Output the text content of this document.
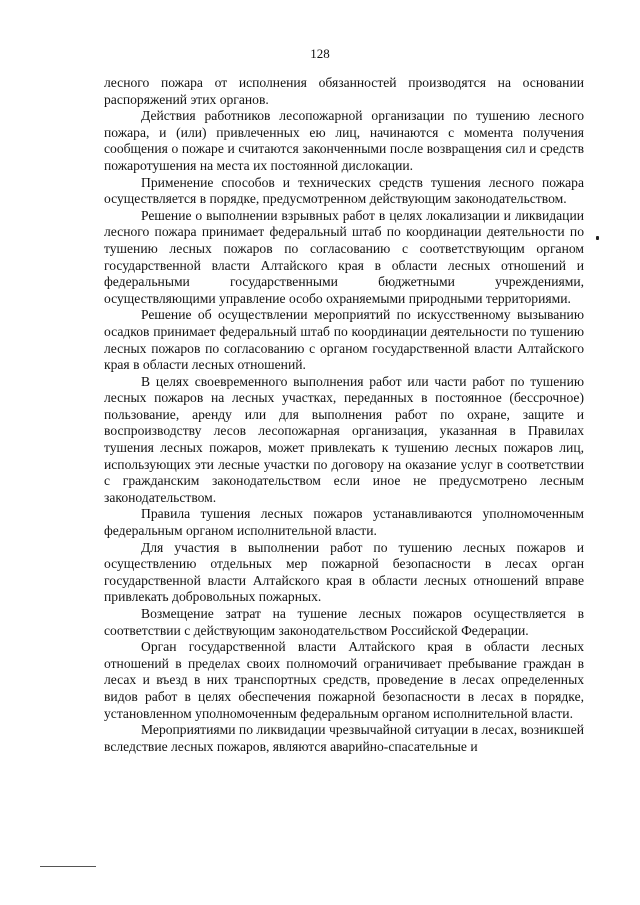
128

лесного пожара от исполнения обязанностей производятся на основании распоряжений этих органов.

Действия работников лесопожарной организации по тушению лесного пожара, и (или) привлеченных ею лиц, начинаются с момента получения сообщения о пожаре и считаются законченными после возвращения сил и средств пожаротушения на места их постоянной дислокации.

Применение способов и технических средств тушения лесного пожара осуществляется в порядке, предусмотренном действующим законодательством.

Решение о выполнении взрывных работ в целях локализации и ликвидации лесного пожара принимает федеральный штаб по координации деятельности по тушению лесных пожаров по согласованию с соответствующим органом государственной власти Алтайского края в области лесных отношений и федеральными государственными бюджетными учреждениями, осуществляющими управление особо охраняемыми природными территориями.

Решение об осуществлении мероприятий по искусственному вызыванию осадков принимает федеральный штаб по координации деятельности по тушению лесных пожаров по согласованию с органом государственной власти Алтайского края в области лесных отношений.

В целях своевременного выполнения работ или части работ по тушению лесных пожаров на лесных участках, переданных в постоянное (бессрочное) пользование, аренду или для выполнения работ по охране, защите и воспроизводству лесов лесопожарная организация, указанная в Правилах тушения лесных пожаров, может привлекать к тушению лесных пожаров лиц, использующих эти лесные участки по договору на оказание услуг в соответствии с гражданским законодательством если иное не предусмотрено лесным законодательством.

Правила тушения лесных пожаров устанавливаются уполномоченным федеральным органом исполнительной власти.

Для участия в выполнении работ по тушению лесных пожаров и осуществлению отдельных мер пожарной безопасности в лесах орган государственной власти Алтайского края в области лесных отношений вправе привлекать добровольных пожарных.

Возмещение затрат на тушение лесных пожаров осуществляется в соответствии с действующим законодательством Российской Федерации.

Орган государственной власти Алтайского края в области лесных отношений в пределах своих полномочий ограничивает пребывание граждан в лесах и въезд в них транспортных средств, проведение в лесах определенных видов работ в целях обеспечения пожарной безопасности в лесах в порядке, установленном уполномоченным федеральным органом исполнительной власти.

Мероприятиями по ликвидации чрезвычайной ситуации в лесах, возникшей вследствие лесных пожаров, являются аварийно-спасательные и
